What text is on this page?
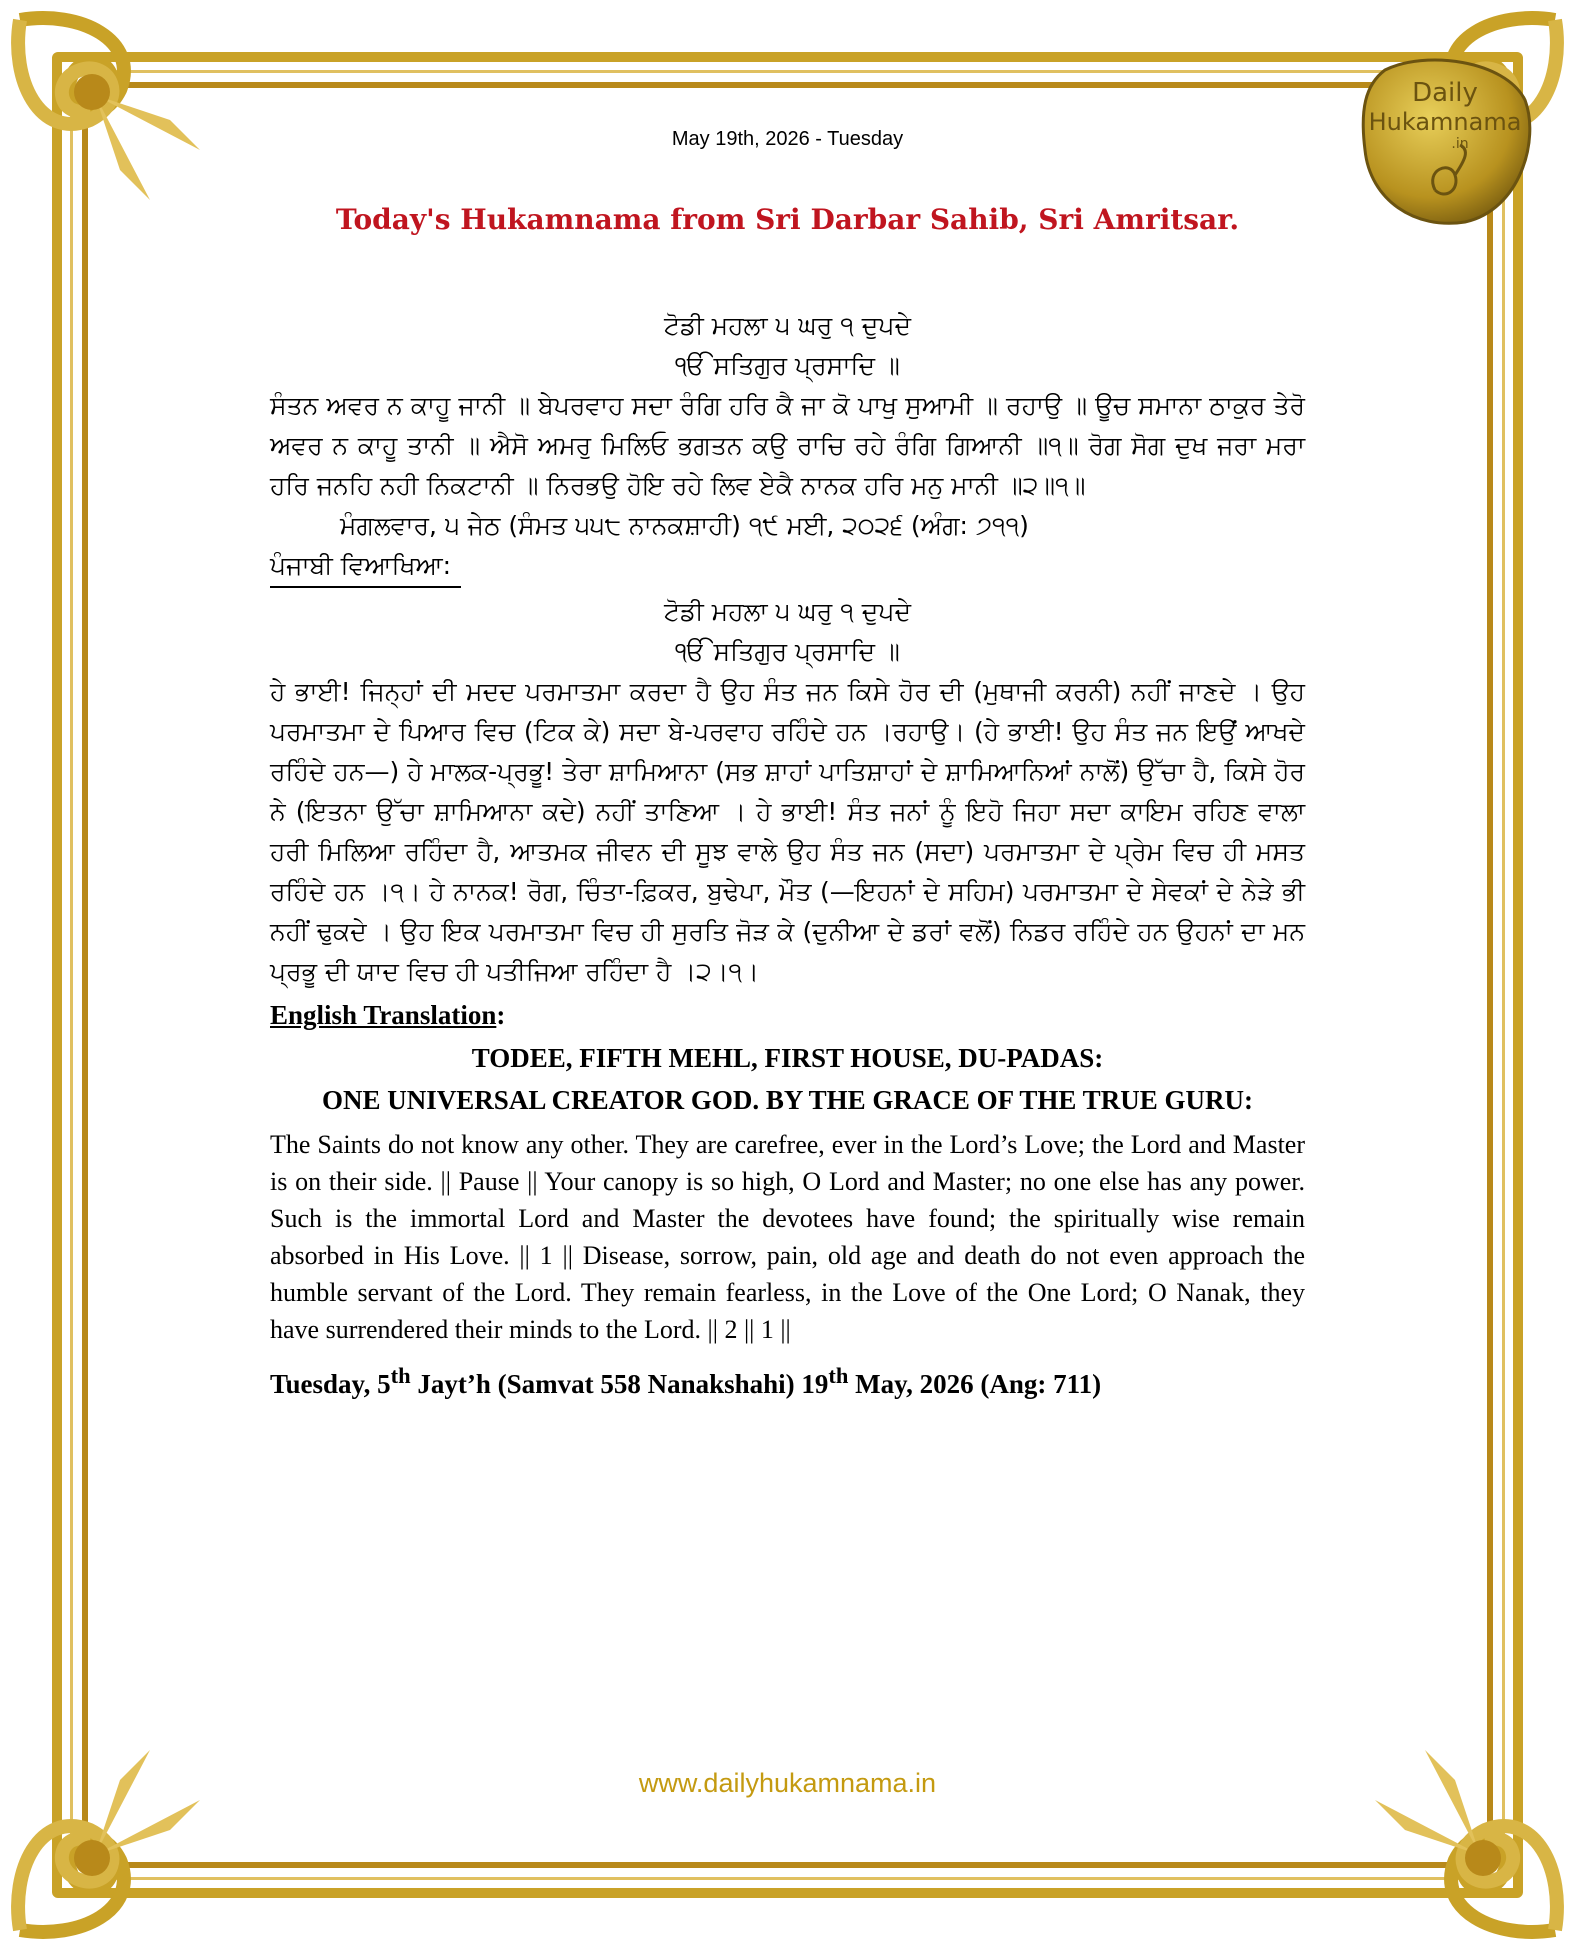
Daily
Hukamnama
.in
May 19th, 2026 - Tuesday
Today's Hukamnama from Sri Darbar Sahib, Sri Amritsar.
ਟੋਡੀ ਮਹਲਾ ੫ ਘਰੁ ੧ ਦੁਪਦੇ
ੴ ਸਤਿਗੁਰ ਪ੍ਰਸਾਦਿ ॥
ਸੰਤਨ ਅਵਰ ਨ ਕਾਹੂ ਜਾਨੀ ॥ ਬੇਪਰਵਾਹ ਸਦਾ ਰੰਗਿ ਹਰਿ ਕੈ ਜਾ ਕੋ ਪਾਖੁ ਸੁਆਮੀ ॥ ਰਹਾਉ ॥ ਊਚ ਸਮਾਨਾ ਠਾਕੁਰ ਤੇਰੋ ਅਵਰ ਨ ਕਾਹੂ ਤਾਨੀ ॥ ਐਸੋ ਅਮਰੁ ਮਿਲਿਓ ਭਗਤਨ ਕਉ ਰਾਚਿ ਰਹੇ ਰੰਗਿ ਗਿਆਨੀ ॥੧॥ ਰੋਗ ਸੋਗ ਦੁਖ ਜਰਾ ਮਰਾ ਹਰਿ ਜਨਹਿ ਨਹੀ ਨਿਕਟਾਨੀ ॥ ਨਿਰਭਉ ਹੋਇ ਰਹੇ ਲਿਵ ਏਕੈ ਨਾਨਕ ਹਰਿ ਮਨੁ ਮਾਨੀ ॥੨॥੧॥
ਮੰਗਲਵਾਰ, ੫ ਜੇਠ (ਸੰਮਤ ੫੫੮ ਨਾਨਕਸ਼ਾਹੀ) ੧੯ ਮਈ, ੨੦੨੬ (ਅੰਗ: ੭੧੧)
ਪੰਜਾਬੀ ਵਿਆਖਿਆ:
ਟੋਡੀ ਮਹਲਾ ੫ ਘਰੁ ੧ ਦੁਪਦੇ
ੴ ਸਤਿਗੁਰ ਪ੍ਰਸਾਦਿ ॥
ਹੇ ਭਾਈ! ਜਿਨ੍ਹਾਂ ਦੀ ਮਦਦ ਪਰਮਾਤਮਾ ਕਰਦਾ ਹੈ ਉਹ ਸੰਤ ਜਨ ਕਿਸੇ ਹੋਰ ਦੀ (ਮੁਥਾਜੀ ਕਰਨੀ) ਨਹੀਂ ਜਾਣਦੇ । ਉਹ ਪਰਮਾਤਮਾ ਦੇ ਪਿਆਰ ਵਿਚ (ਟਿਕ ਕੇ) ਸਦਾ ਬੇ-ਪਰਵਾਹ ਰਹਿੰਦੇ ਹਨ ।ਰਹਾਉ। (ਹੇ ਭਾਈ! ਉਹ ਸੰਤ ਜਨ ਇਉਂ ਆਖਦੇ ਰਹਿੰਦੇ ਹਨ—) ਹੇ ਮਾਲਕ-ਪ੍ਰਭੂ! ਤੇਰਾ ਸ਼ਾਮਿਆਨਾ (ਸਭ ਸ਼ਾਹਾਂ ਪਾਤਿਸ਼ਾਹਾਂ ਦੇ ਸ਼ਾਮਿਆਨਿਆਂ ਨਾਲੋਂ) ਉੱਚਾ ਹੈ, ਕਿਸੇ ਹੋਰ ਨੇ (ਇਤਨਾ ਉੱਚਾ ਸ਼ਾਮਿਆਨਾ ਕਦੇ) ਨਹੀਂ ਤਾਣਿਆ । ਹੇ ਭਾਈ! ਸੰਤ ਜਨਾਂ ਨੂੰ ਇਹੋ ਜਿਹਾ ਸਦਾ ਕਾਇਮ ਰਹਿਣ ਵਾਲਾ ਹਰੀ ਮਿਲਿਆ ਰਹਿੰਦਾ ਹੈ, ਆਤਮਕ ਜੀਵਨ ਦੀ ਸੂਝ ਵਾਲੇ ਉਹ ਸੰਤ ਜਨ (ਸਦਾ) ਪਰਮਾਤਮਾ ਦੇ ਪ੍ਰੇਮ ਵਿਚ ਹੀ ਮਸਤ ਰਹਿੰਦੇ ਹਨ ।੧। ਹੇ ਨਾਨਕ! ਰੋਗ, ਚਿੰਤਾ-ਫ਼ਿਕਰ, ਬੁਢੇਪਾ, ਮੌਤ (—ਇਹਨਾਂ ਦੇ ਸਹਿਮ) ਪਰਮਾਤਮਾ ਦੇ ਸੇਵਕਾਂ ਦੇ ਨੇੜੇ ਭੀ ਨਹੀਂ ਢੁਕਦੇ । ਉਹ ਇਕ ਪਰਮਾਤਮਾ ਵਿਚ ਹੀ ਸੁਰਤਿ ਜੋੜ ਕੇ (ਦੁਨੀਆ ਦੇ ਡਰਾਂ ਵਲੋਂ) ਨਿਡਰ ਰਹਿੰਦੇ ਹਨ ਉਹਨਾਂ ਦਾ ਮਨ ਪ੍ਰਭੂ ਦੀ ਯਾਦ ਵਿਚ ਹੀ ਪਤੀਜਿਆ ਰਹਿੰਦਾ ਹੈ ।੨।੧।
English Translation:
TODEE, FIFTH MEHL, FIRST HOUSE, DU-PADAS:
ONE UNIVERSAL CREATOR GOD. BY THE GRACE OF THE TRUE GURU:
The Saints do not know any other. They are carefree, ever in the Lord’s Love; the Lord and Master is on their side. || Pause || Your canopy is so high, O Lord and Master; no one else has any power. Such is the immortal Lord and Master the devotees have found; the spiritually wise remain absorbed in His Love. || 1 || Disease, sorrow, pain, old age and death do not even approach the humble servant of the Lord. They remain fearless, in the Love of the One Lord; O Nanak, they have surrendered their minds to the Lord. || 2 || 1 ||
Tuesday, 5th Jayt’h (Samvat 558 Nanakshahi) 19th May, 2026 (Ang: 711)
www.dailyhukamnama.in
